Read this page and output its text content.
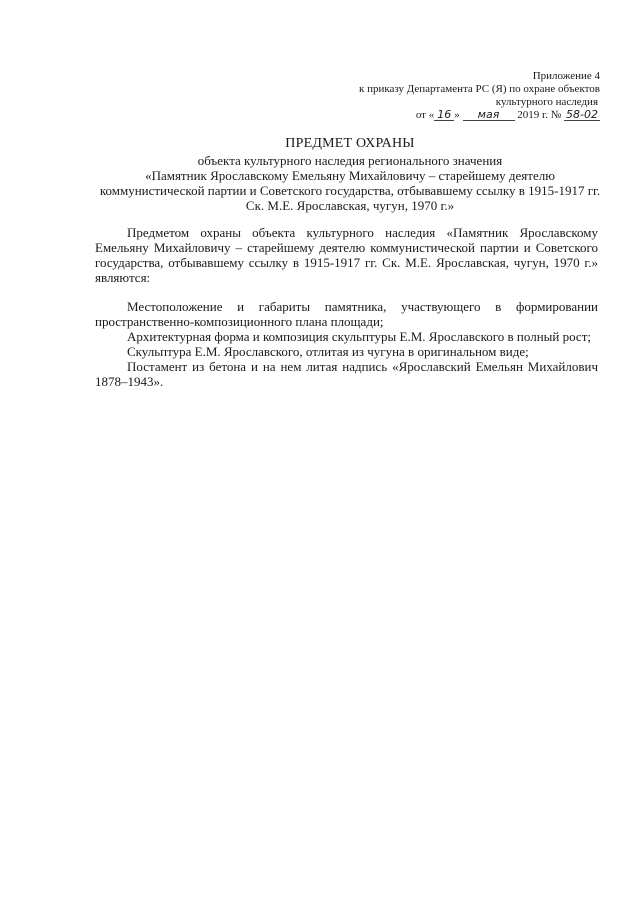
Приложение 4
к приказу Департамента РС (Я) по охране объектов
культурного наследия
от « 16 » мая 2019 г. № 58-02
ПРЕДМЕТ ОХРАНЫ
объекта культурного наследия регионального значения
«Памятник Ярославскому Емельяну Михайловичу – старейшему деятелю
коммунистической партии и Советского государства, отбывавшему ссылку в 1915-1917 гг.
Ск. М.Е. Ярославская, чугун, 1970 г.»

Предметом охраны объекта культурного наследия «Памятник Ярославскому Емельяну Михайловичу – старейшему деятелю коммунистической партии и Советского государства, отбывавшему ссылку в 1915-1917 гг. Ск. М.Е. Ярославская, чугун, 1970 г.» являются:

Местоположение и габариты памятника, участвующего в формировании пространственно-композиционного плана площади;

Архитектурная форма и композиция скульптуры Е.М. Ярославского в полный рост;

Скульптура Е.М. Ярославского, отлитая из чугуна в оригинальном виде;

Постамент из бетона и на нем литая надпись «Ярославский Емельян Михайлович 1878–1943».
